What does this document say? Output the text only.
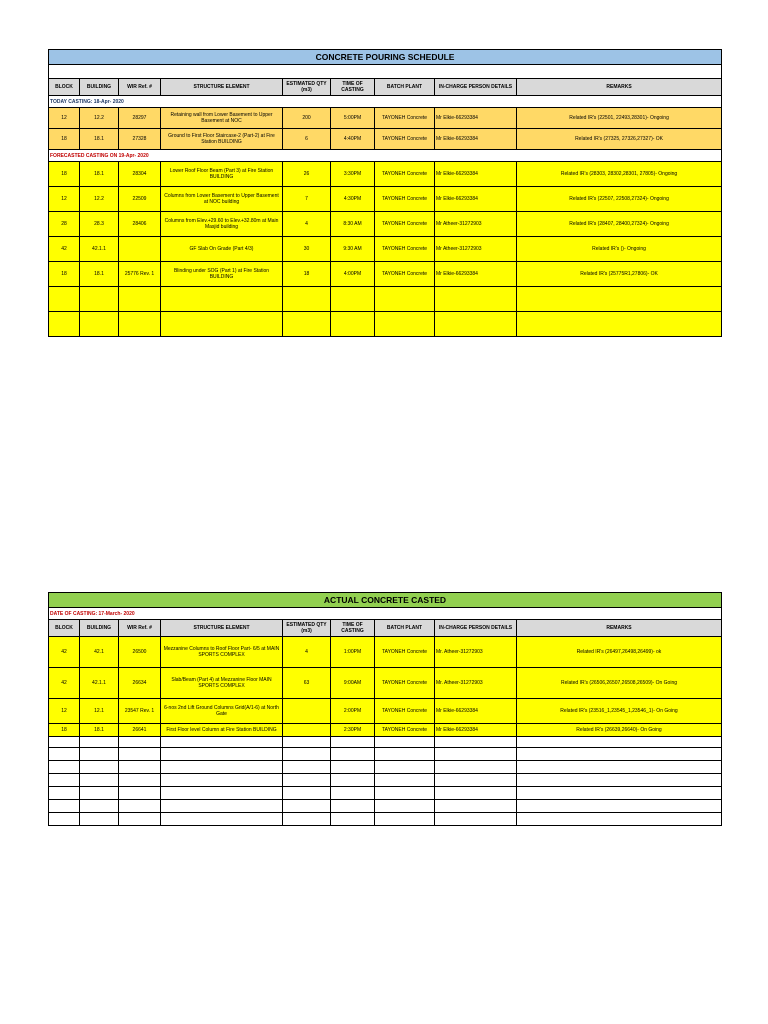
CONCRETE POURING SCHEDULE								

BLOCK	BUILDING	WIR Ref. #	STRUCTURE ELEMENT	ESTIMATED QTY (m3)	TIME OF CASTING	BATCH PLANT	IN-CHARGE PERSON DETAILS	REMARKS
TODAY CASTING: 18-Apr- 2020								
12	12.2	28297	Retaining wall from Lower Basement to Upper Basement at NOC	200	5:00PM	TAYONEH Concrete	Mr Elkie-66293384	Related IR's (22501, 22493,28301)- Ongoing
18	18.1	27328	Ground to First Floor Staircase-2 (Part-2) at Fire Station BUILDING	6	4:40PM	TAYONEH Concrete	Mr Elkie-66293384	Related IR's (27325, 27326,27327)- OK
FORECASTED CASTING ON 19-Apr- 2020								
18	18.1	28304	Lower Roof Floor Beam (Part 3) at Fire Station BUILDING	26	3:30PM	TAYONEH Concrete	Mr Elkie-66293384	Related IR's (28303, 28302,28301, 27805)- Ongoing
12	12.2	22509	Columns from Lower Basement to Upper Basement at NOC building	7	4:30PM	TAYONEH Concrete	Mr Elkie-66293384	Related IR's (22507, 22508,27324)- Ongoing
28	28.3	28406	Columns from Elev.+29.60 to Elev.+32.80m at Main Masjid building	4	8:30 AM	TAYONEH Concrete	Mr Atheer-31272903	Related IR's (28407, 28400,27324)- Ongoing
42	42.1.1		GF Slab On Grade (Part 4/3)	30	9:30 AM	TAYONEH Concrete	Mr Atheer-31272903	Related IR's ()- Ongoing
18	18.1	25776 Rev. 1	Blinding under SOG (Part 1) at Fire Station BUILDING	18	4:00PM	TAYONEH Concrete	Mr Elkie-66293384	Related IR's (25775R1,27806)- OK

ACTUAL CONCRETE CASTED								
DATE OF CASTING: 17-March- 2020								
BLOCK	BUILDING	WIR Ref. #	STRUCTURE ELEMENT	ESTIMATED QTY (m3)	TIME OF CASTING	BATCH PLANT	IN-CHARGE PERSON DETAILS	REMARKS
42	42.1	26500	Mezzanine Columns to Roof Floor Part- 6/5 at MAIN SPORTS COMPLEX	4	1:00PM	TAYONEH Concrete	Mr. Atheer-31272903	Related IR's (26497,26498,26499)- ok
42	42.1.1	26634	Slab/Beam (Part 4) at Mezzanine Floor MAIN SPORTS COMPLEX	63	9:00AM	TAYONEH Concrete	Mr. Atheer-31272903	Related IR's (26506,26507,26508,26509)- On Going
12	12.1	23547 Rev. 1	6-nos 2nd Lift Ground Columns Grid(A/1-6) at North Gate		2:00PM	TAYONEH Concrete	Mr Elkie-66293384	Related IR's (23516_1,23545_1,23546_1)- On Going
18	18.1	26641	First Floor level Column at Fire Station BUILDING		2:30PM	TAYONEH Concrete	Mr Elkie-66293384	Related IR's (26639,26640)- On Going
